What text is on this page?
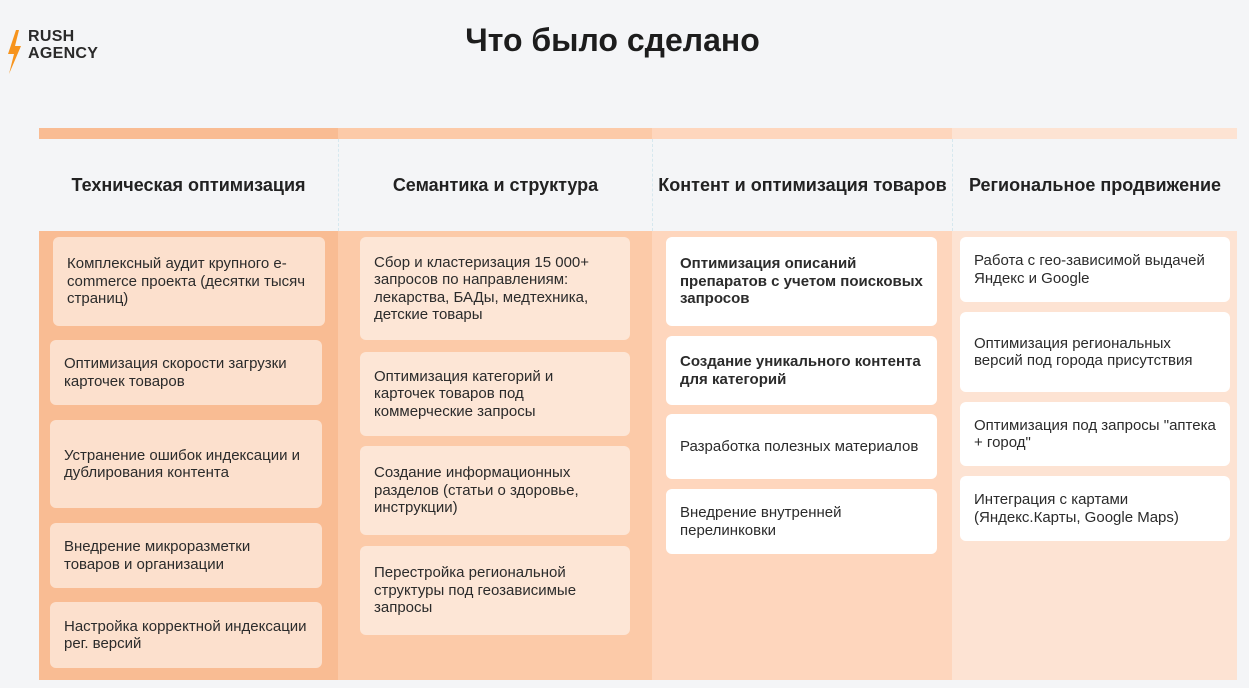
RUSH
AGENCY	Что было сделано
Техническая оптимизация
Комплексный аудит крупного e-commerce проекта (десятки тысяч страниц)
Оптимизация скорости загрузки карточек товаров
Устранение ошибок индексации и дублирования контента
Внедрение микроразметки товаров и организации
Настройка корректной индексации рег. версий
Семантика и структура
Сбор и кластеризация 15 000+ запросов по направлениям: лекарства, БАДы, медтехника, детские товары
Оптимизация категорий и карточек товаров под коммерческие запросы
Создание информационных разделов (статьи о здоровье, инструкции)
Перестройка региональной структуры под геозависимые запросы
Контент и оптимизация товаров
Оптимизация описаний препаратов с учетом поисковых запросов
Создание уникального контента для категорий
Разработка полезных материалов
Внедрение внутренней перелинковки
Региональное продвижение
Работа с гео-зависимой выдачей Яндекс и Google
Оптимизация региональных версий под города присутствия
Оптимизация под запросы "аптека + город"
Интеграция с картами (Яндекс.Карты, Google Maps)
